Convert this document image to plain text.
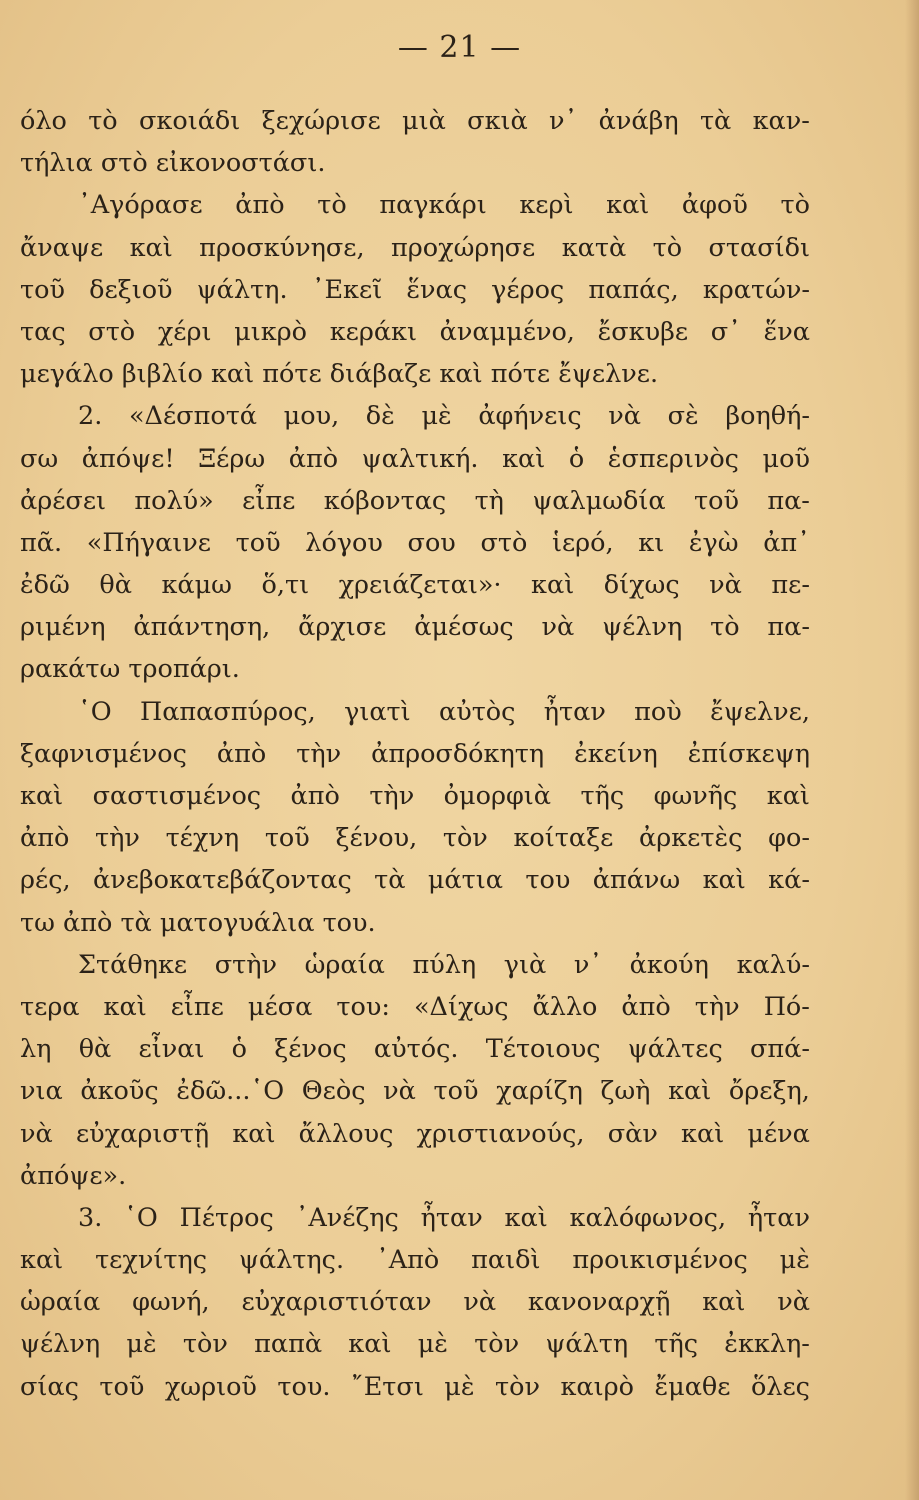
— 21 —
όλο τὸ σκοιάδι ξεχώρισε μιὰ σκιὰ ν᾽ ἀνάβη τὰ καν-
τήλια στὸ εἰκονοστάσι.
᾽Αγόρασε ἀπὸ τὸ παγκάρι κερὶ καὶ ἀφοῦ τὸ
ἄναψε καὶ προσκύνησε, προχώρησε κατὰ τὸ στασίδι
τοῦ δεξιοῦ ψάλτη. ᾽Εκεῖ ἕνας γέρος παπάς, κρατών-
τας στὸ χέρι μικρὸ κεράκι ἀναμμένο, ἔσκυβε σ᾽ ἕνα
μεγάλο βιβλίο καὶ πότε διάβαζε καὶ πότε ἔψελνε.
2. «Δέσποτά μου, δὲ μὲ ἀφήνεις νὰ σὲ βοηθή-
σω ἀπόψε! Ξέρω ἀπὸ ψαλτική. καὶ ὁ ἑσπερινὸς μοῦ
ἀρέσει πολύ» εἶπε κόβοντας τὴ ψαλμωδία τοῦ πα-
πᾶ. «Πήγαινε τοῦ λόγου σου στὸ ἱερό, κι ἐγὼ ἀπ᾽
ἐδῶ θὰ κάμω ὅ,τι χρειάζεται»· καὶ δίχως νὰ πε-
ριμένη ἀπάντηση, ἄρχισε ἀμέσως νὰ ψέλνη τὸ πα-
ρακάτω τροπάρι.
῾Ο Παπασπύρος, γιατὶ αὐτὸς ἦταν ποὺ ἔψελνε,
ξαφνισμένος ἀπὸ τὴν ἀπροσδόκητη ἐκείνη ἐπίσκεψη
καὶ σαστισμένος ἀπὸ τὴν ὀμορφιὰ τῆς φωνῆς καὶ
ἀπὸ τὴν τέχνη τοῦ ξένου, τὸν κοίταξε ἀρκετὲς φο-
ρές, ἀνεβοκατεβάζοντας τὰ μάτια του ἀπάνω καὶ κά-
τω ἀπὸ τὰ ματογυάλια του.
Στάθηκε στὴν ὡραία πύλη γιὰ ν᾽ ἀκούη καλύ-
τερα καὶ εἶπε μέσα του: «Δίχως ἄλλο ἀπὸ τὴν Πό-
λη θὰ εἶναι ὁ ξένος αὐτός. Τέτοιους ψάλτες σπά-
νια ἀκοῦς ἐδῶ...῾Ο Θεὸς νὰ τοῦ χαρίζη ζωὴ καὶ ὄρεξη,
νὰ εὐχαριστῇ καὶ ἄλλους χριστιανούς, σὰν καὶ μένα
ἀπόψε».
3. ῾Ο Πέτρος ᾽Ανέζης ἦταν καὶ καλόφωνος, ἦταν
καὶ τεχνίτης ψάλτης. ᾽Απὸ παιδὶ προικισμένος μὲ
ὡραία φωνή, εὐχαριστιόταν νὰ κανοναρχῇ καὶ νὰ
ψέλνη μὲ τὸν παπὰ καὶ μὲ τὸν ψάλτη τῆς ἐκκλη-
σίας τοῦ χωριοῦ του. ῎Ετσι μὲ τὸν καιρὸ ἔμαθε ὅλες
